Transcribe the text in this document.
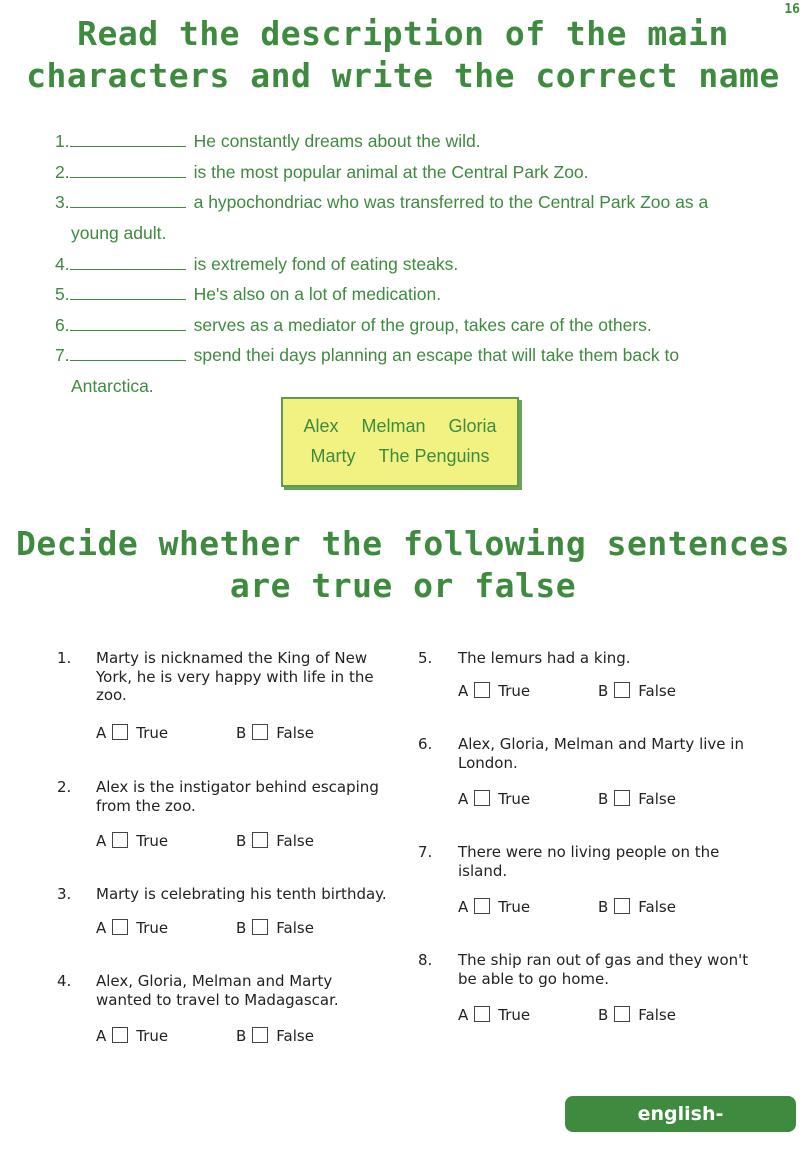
16
Read the description of the main
characters and write the correct name
1.	He constantly dreams about the wild.
2.	is the most popular animal at the Central Park Zoo.
3.	a hypochondriac who was transferred to the Central Park Zoo as a
young adult.
4.	is extremely fond of eating steaks.
5.	He's also on a lot of medication.
6.	serves as a mediator of the group, takes care of the others.
7.	spend thei days planning an escape that will take them back to
Antarctica.
Alex Melman Gloria
Marty The Penguins
Decide whether the following sentences
are true or false
1. Marty is nicknamed the King of New York, he is very happy with life in the zoo.
A True	B False
2. Alex is the instigator behind escaping from the zoo.
A True	B False
3. Marty is celebrating his tenth birthday.
A True	B False
4. Alex, Gloria, Melman and Marty wanted to travel to Madagascar.
A True	B False
5. The lemurs had a king.
A True	B False
6. Alex, Gloria, Melman and Marty live in London.
A True	B False
7. There were no living people on the island.
A True	B False
8. The ship ran out of gas and they won't be able to go home.
A True	B False
english-workbooks.ru
